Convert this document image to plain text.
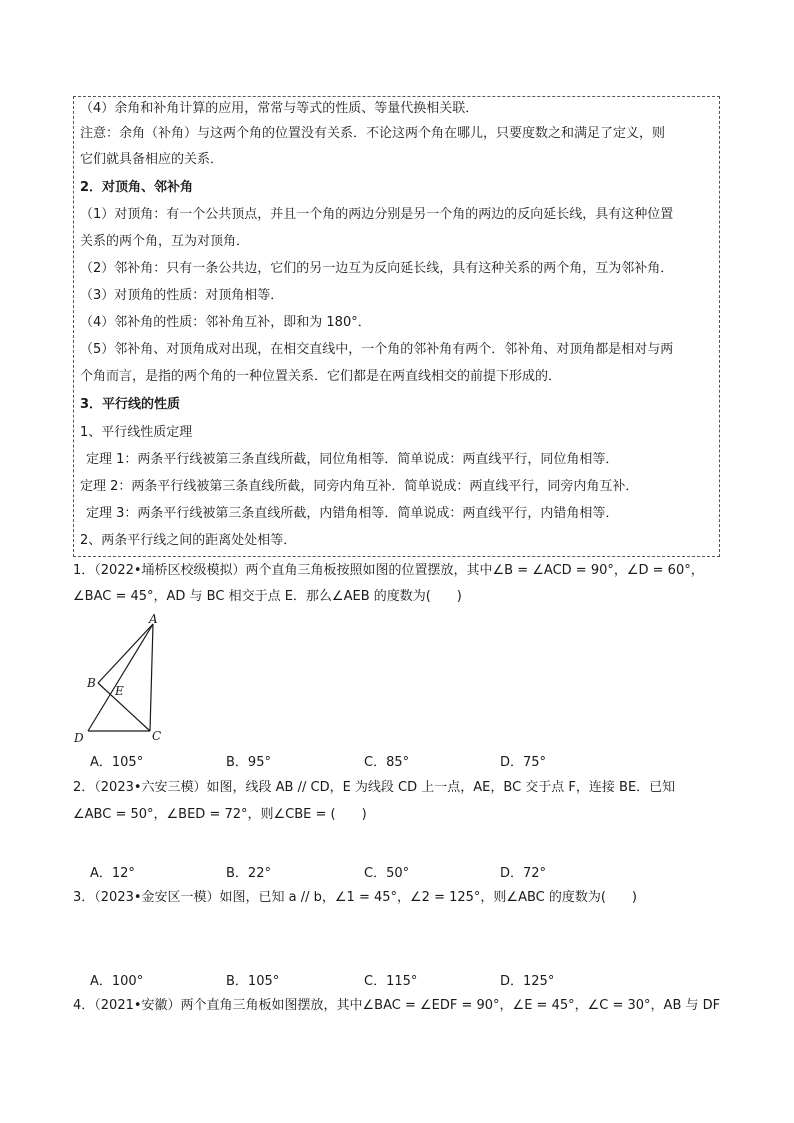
（4）余角和补角计算的应用，常常与等式的性质、等量代换相关联．
注意：余角（补角）与这两个角的位置没有关系．不论这两个角在哪儿，只要度数之和满足了定义，则
它们就具备相应的关系．
2．对顶角、邻补角
（1）对顶角：有一个公共顶点，并且一个角的两边分别是另一个角的两边的反向延长线，具有这种位置
关系的两个角，互为对顶角．
（2）邻补角：只有一条公共边，它们的另一边互为反向延长线，具有这种关系的两个角，互为邻补角．
（3）对顶角的性质：对顶角相等．
（4）邻补角的性质：邻补角互补，即和为 180°．
（5）邻补角、对顶角成对出现，在相交直线中，一个角的邻补角有两个．邻补角、对顶角都是相对与两
个角而言，是指的两个角的一种位置关系．它们都是在两直线相交的前提下形成的．
3．平行线的性质
1、平行线性质定理
定理 1：两条平行线被第三条直线所截，同位角相等．简单说成：两直线平行，同位角相等．
定理 2：两条平行线被第三条直线所截，同旁内角互补．简单说成：两直线平行，同旁内角互补．
定理 3：两条平行线被第三条直线所截，内错角相等．简单说成：两直线平行，内错角相等．
2、两条平行线之间的距离处处相等．
1．（2022•埇桥区校级模拟）两个直角三角板按照如图的位置摆放，其中∠B = ∠ACD = 90°，∠D = 60°，
∠BAC = 45°，AD 与 BC 相交于点 E．那么∠AEB 的度数为(　　)
A
B
E
D	C
A．105°	B．95°	C．85°	D．75°
2．（2023•六安三模）如图，线段 AB // CD，E 为线段 CD 上一点，AE，BC 交于点 F，连接 BE．已知
∠ABC = 50°，∠BED = 72°，则∠CBE = (　　)
A．12°	B．22°	C．50°	D．72°
3．（2023•金安区一模）如图，已知 a // b，∠1 = 45°，∠2 = 125°，则∠ABC 的度数为(　　)
A．100°	B．105°	C．115°	D．125°
4．（2021•安徽）两个直角三角板如图摆放，其中∠BAC = ∠EDF = 90°，∠E = 45°，∠C = 30°，AB 与 DF
